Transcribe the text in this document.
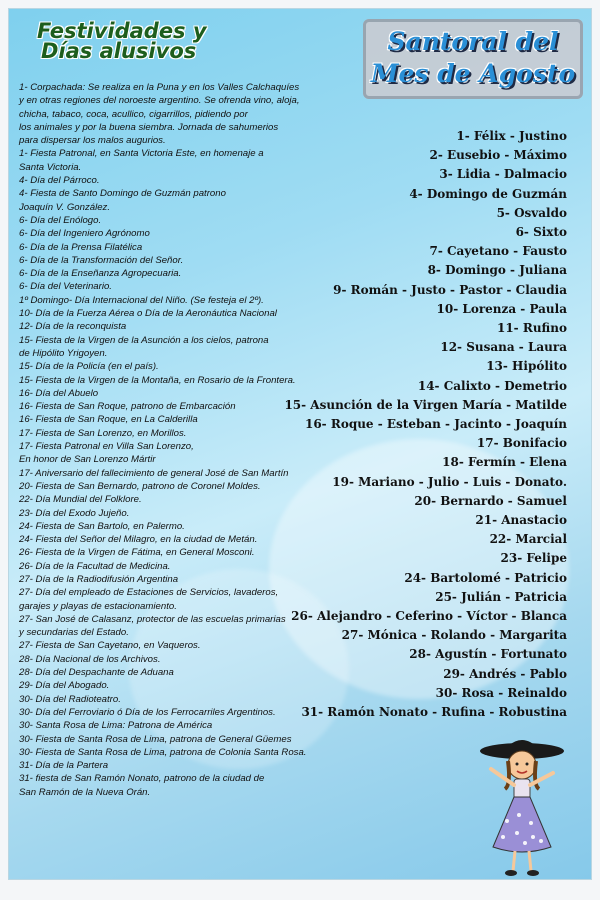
Festividades y
Días alusivos	Santoral del
Mes de Agosto
1- Corpachada: Se realiza en la Puna y en los Valles Calchaquíes
y en otras regiones del noroeste argentino. Se ofrenda vino, aloja,
chicha, tabaco, coca, acullico, cigarrillos, pidiendo por
los animales y por la buena siembra. Jornada de sahumerios
para dispersar los malos augurios.
1- Fiesta Patronal, en Santa Victoria Este, en homenaje a
Santa Victoria.
4- Día del Párroco.
4- Fiesta de Santo Domingo de Guzmán patrono
Joaquín V. González.
6- Día del Enólogo.
6- Día del Ingeniero Agrónomo
6- Día de la Prensa Filatélica
6- Día de la Transformación del Señor.
6- Día de la Enseñanza Agropecuaria.
6- Día del Veterinario.
1º Domingo- Día Internacional del Niño. (Se festeja el 2º).
10- Día de la Fuerza Aérea o Día de la Aeronáutica Nacional
12- Día de la reconquista
15- Fiesta de la Virgen de la Asunción a los cielos, patrona
de Hipólito Yrigoyen.
15- Día de la Policía (en el país).
15- Fiesta de la Virgen de la Montaña, en Rosario de la Frontera.
16- Día del Abuelo
16- Fiesta de San Roque, patrono de Embarcación
16- Fiesta de San Roque, en La Calderilla
17- Fiesta de San Lorenzo, en Morillos.
17- Fiesta Patronal en Villa San Lorenzo,
En honor de San Lorenzo Mártir
17- Aniversario del fallecimiento de general José de San Martín
20- Fiesta de San Bernardo, patrono de Coronel Moldes.
22- Día Mundial del Folklore.
23- Día del Exodo Jujeño.
24- Fiesta de San Bartolo, en Palermo.
24- Fiesta del Señor del Milagro, en la ciudad de Metán.
26- Fiesta de la Virgen de Fátima, en General Mosconi.
26- Día de la Facultad de Medicina.
27- Día de la Radiodifusión Argentina
27- Día del empleado de Estaciones de Servicios, lavaderos,
garajes y playas de estacionamiento.
27- San José de Calasanz, protector de las escuelas primarias
y secundarias del Estado.
27- Fiesta de San Cayetano, en Vaqueros.
28- Día Nacional de los Archivos.
28- Día del Despachante de Aduana
29- Día del Abogado.
30- Día del Radioteatro.
30- Día del Ferroviario ó Día de los Ferrocarriles Argentinos.
30- Santa Rosa de Lima: Patrona de América
30- Fiesta de Santa Rosa de Lima, patrona de General Güemes
30- Fiesta de Santa Rosa de Lima, patrona de Colonia Santa Rosa.
31- Día de la Partera
31- fiesta de San Ramón Nonato, patrono de la ciudad de
San Ramón de la Nueva Orán.
1- Félix - Justino
2- Eusebio - Máximo
3- Lidia - Dalmacio
4- Domingo de Guzmán
5- Osvaldo
6- Sixto
7- Cayetano - Fausto
8- Domingo - Juliana
9- Román - Justo - Pastor - Claudia
10- Lorenza - Paula
11- Rufino
12- Susana - Laura
13- Hipólito
14- Calixto - Demetrio
15- Asunción de la Virgen María - Matilde
16- Roque - Esteban - Jacinto - Joaquín
17- Bonifacio
18- Fermín - Elena
19- Mariano - Julio - Luis - Donato.
20- Bernardo - Samuel
21- Anastacio
22- Marcial
23- Felipe
24- Bartolomé - Patricio
25- Julián - Patricia
26- Alejandro - Ceferino - Víctor - Blanca
27- Mónica - Rolando - Margarita
28- Agustín - Fortunato
29- Andrés - Pablo
30- Rosa - Reinaldo
31- Ramón Nonato - Rufina - Robustina
